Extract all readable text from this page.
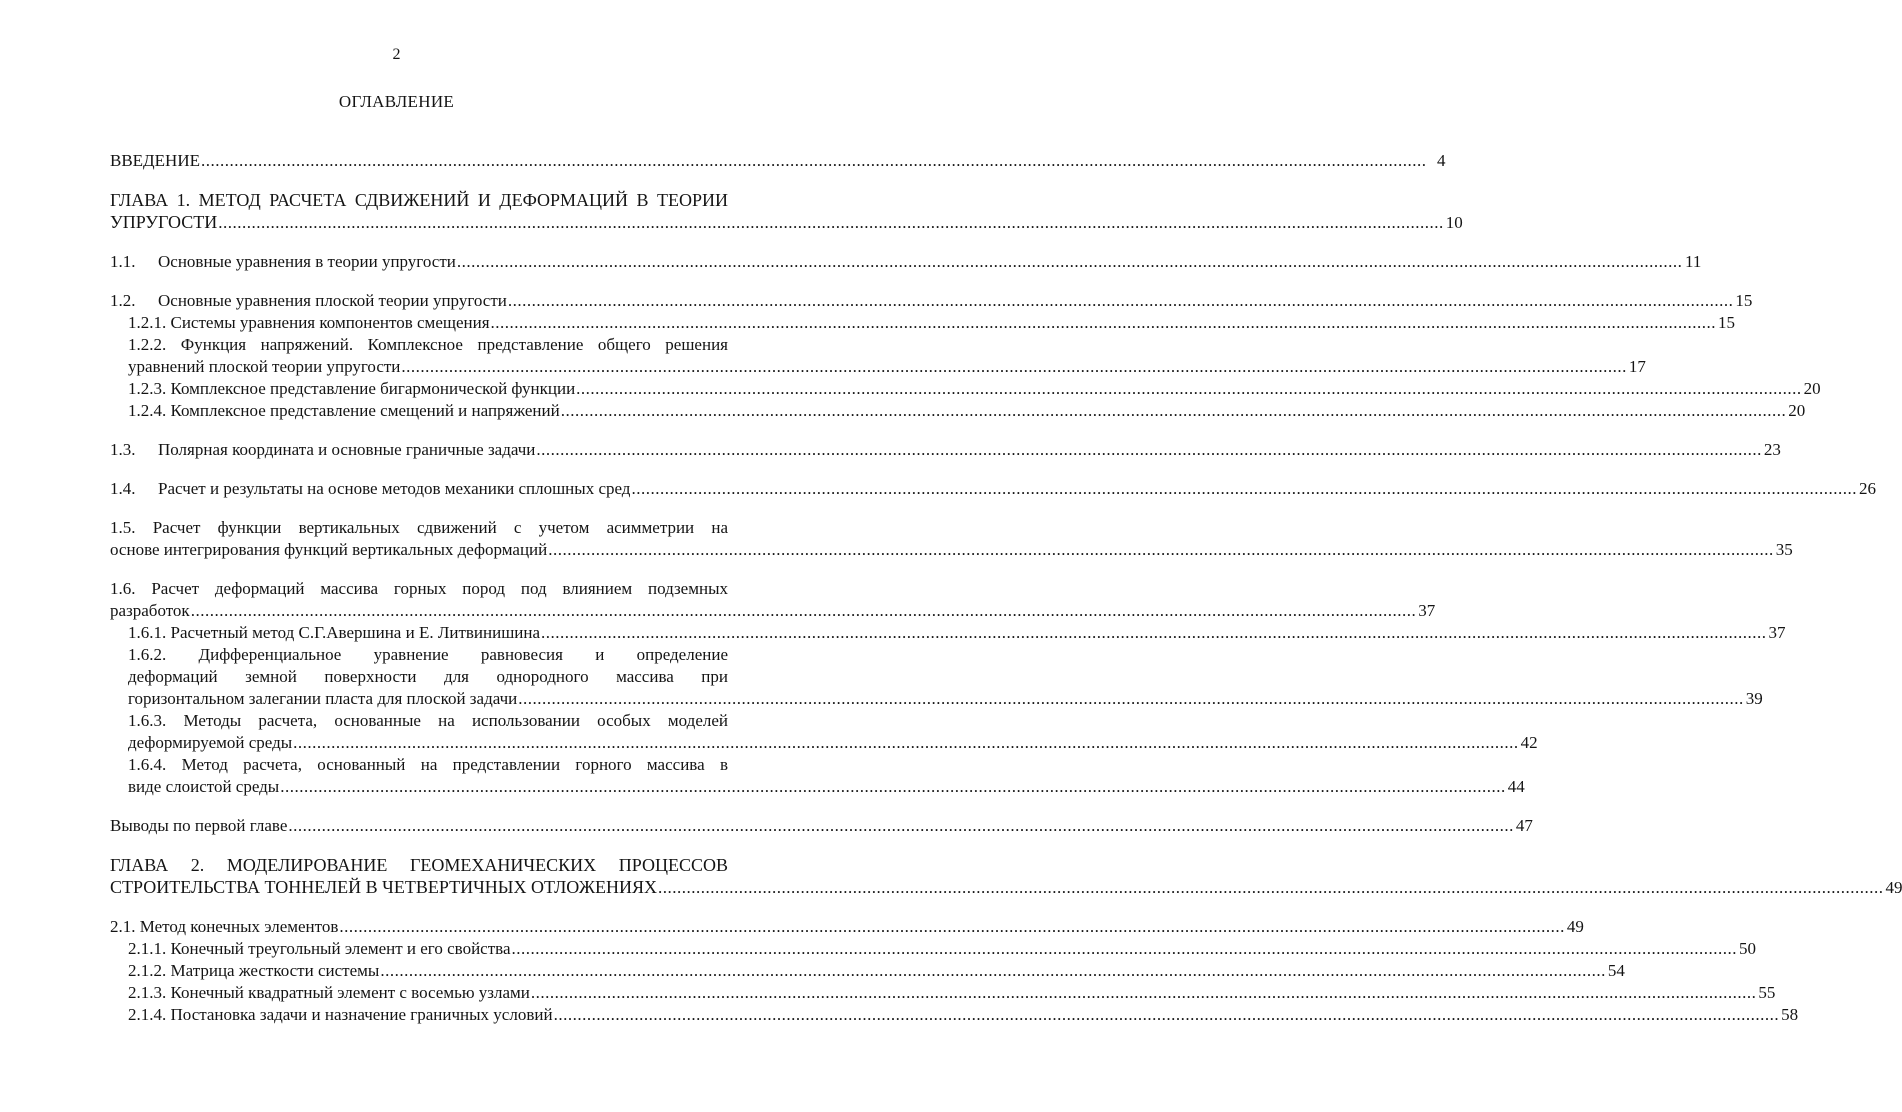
2
ОГЛАВЛЕНИЕ
ВВЕДЕНИЕ .....	4
ГЛАВА 1. МЕТОД РАСЧЕТА СДВИЖЕНИЙ И ДЕФОРМАЦИЙ В ТЕОРИИ
УПРУГОСТИ .....	10
1.1. Основные уравнения в теории упругости .....	11
1.2. Основные уравнения плоской теории упругости .....	15
1.2.1. Системы уравнения компонентов смещения .....	15
1.2.2. Функция напряжений. Комплексное представление общего решения
уравнений плоской теории упругости .....	17
1.2.3. Комплексное представление бигармонической функции .....	20
1.2.4. Комплексное представление смещений и напряжений .....	20
1.3. Полярная координата и основные граничные задачи .....	23
1.4. Расчет и результаты на основе методов механики сплошных сред .....	26
1.5. Расчет функции вертикальных сдвижений с учетом асимметрии на
основе интегрирования функций вертикальных деформаций .....	35
1.6. Расчет деформаций массива горных пород под влиянием подземных
разработок .....	37
1.6.1. Расчетный метод С.Г.Авершина и Е. Литвинишина .....	37
1.6.2. Дифференциальное уравнение равновесия и определение
деформаций земной поверхности для однородного массива при
горизонтальном залегании пласта для плоской задачи .....	39
1.6.3. Методы расчета, основанные на использовании особых моделей
деформируемой среды .....	42
1.6.4. Метод расчета, основанный на представлении горного массива в
виде слоистой среды .....	44
Выводы по первой главе .....	47
ГЛАВА 2. МОДЕЛИРОВАНИЕ ГЕОМЕХАНИЧЕСКИХ ПРОЦЕССОВ
СТРОИТЕЛЬСТВА ТОННЕЛЕЙ В ЧЕТВЕРТИЧНЫХ ОТЛОЖЕНИЯХ .....	49
2.1. Метод конечных элементов .....	49
2.1.1. Конечный треугольный элемент и его свойства .....	50
2.1.2. Матрица жесткости системы .....	54
2.1.3. Конечный квадратный элемент с восемью узлами .....	55
2.1.4. Постановка задачи и назначение граничных условий .....	58
